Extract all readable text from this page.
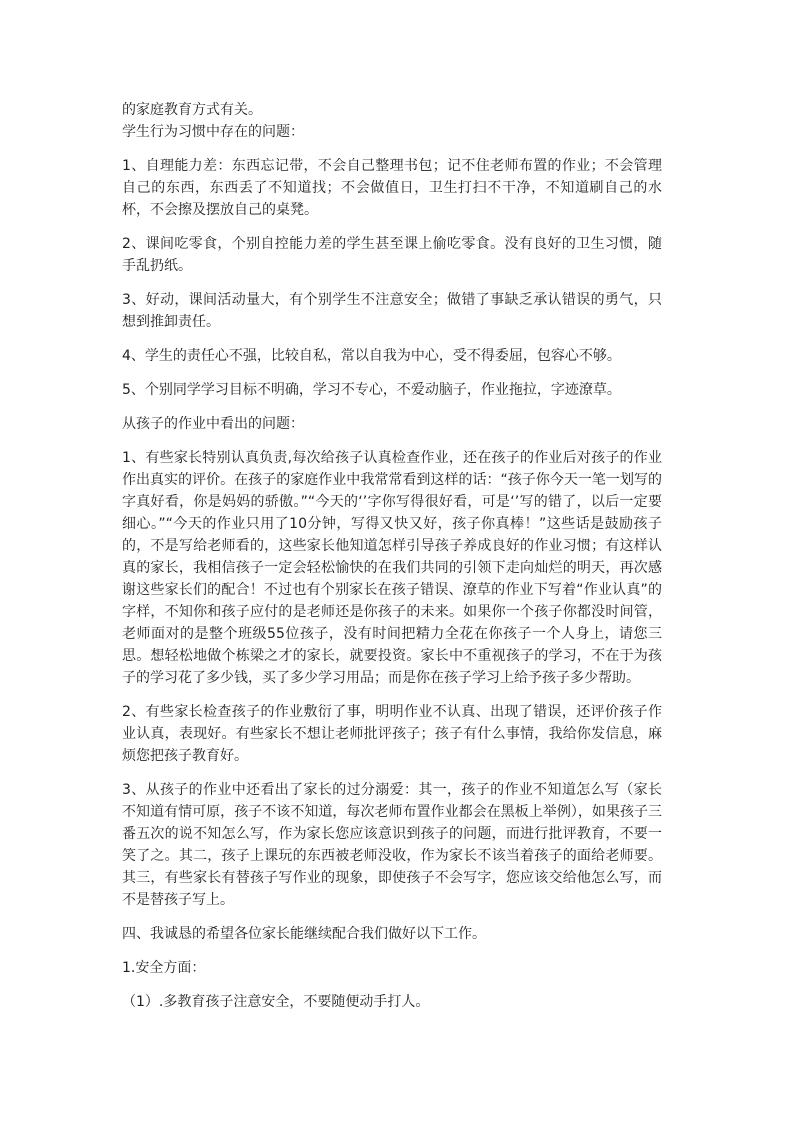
的家庭教育方式有关。

学生行为习惯中存在的问题：

1、自理能力差：东西忘记带，不会自己整理书包；记不住老师布置的作业；不会管理自己的东西，东西丢了不知道找；不会做值日，卫生打扫不干净，不知道刷自己的水杯，不会擦及摆放自己的桌凳。

2、课间吃零食，个别自控能力差的学生甚至课上偷吃零食。没有良好的卫生习惯，随手乱扔纸。

3、好动，课间活动量大，有个别学生不注意安全；做错了事缺乏承认错误的勇气，只想到推卸责任。

4、学生的责任心不强，比较自私，常以自我为中心，受不得委屈，包容心不够。

5、个别同学学习目标不明确，学习不专心，不爱动脑子，作业拖拉，字迹潦草。

从孩子的作业中看出的问题：

1、有些家长特别认真负责,每次给孩子认真检查作业，还在孩子的作业后对孩子的作业作出真实的评价。在孩子的家庭作业中我常常看到这样的话：“孩子你今天一笔一划写的字真好看，你是妈妈的骄傲。”“今天的‘’字你写得很好看，可是‘’写的错了，以后一定要细心。”“今天的作业只用了10分钟，写得又快又好，孩子你真棒！”这些话是鼓励孩子的，不是写给老师看的，这些家长他知道怎样引导孩子养成良好的作业习惯；有这样认真的家长，我相信孩子一定会轻松愉快的在我们共同的引领下走向灿烂的明天，再次感谢这些家长们的配合！不过也有个别家长在孩子错误、潦草的作业下写着“作业认真”的字样，不知你和孩子应付的是老师还是你孩子的未来。如果你一个孩子你都没时间管，老师面对的是整个班级55位孩子，没有时间把精力全花在你孩子一个人身上，请您三思。想轻松地做个栋梁之才的家长，就要投资。家长中不重视孩子的学习，不在于为孩子的学习花了多少钱，买了多少学习用品；而是你在孩子学习上给予孩子多少帮助。

2、有些家长检查孩子的作业敷衍了事，明明作业不认真、出现了错误，还评价孩子作业认真，表现好。有些家长不想让老师批评孩子；孩子有什么事情，我给你发信息，麻烦您把孩子教育好。

3、从孩子的作业中还看出了家长的过分溺爱：其一，孩子的作业不知道怎么写（家长不知道有情可原，孩子不该不知道，每次老师布置作业都会在黑板上举例），如果孩子三番五次的说不知怎么写，作为家长您应该意识到孩子的问题，而进行批评教育，不要一笑了之。其二，孩子上课玩的东西被老师没收，作为家长不该当着孩子的面给老师要。其三，有些家长有替孩子写作业的现象，即使孩子不会写字，您应该交给他怎么写，而不是替孩子写上。

四、我诚恳的希望各位家长能继续配合我们做好以下工作。

1.安全方面：

（1）.多教育孩子注意安全，不要随便动手打人。
